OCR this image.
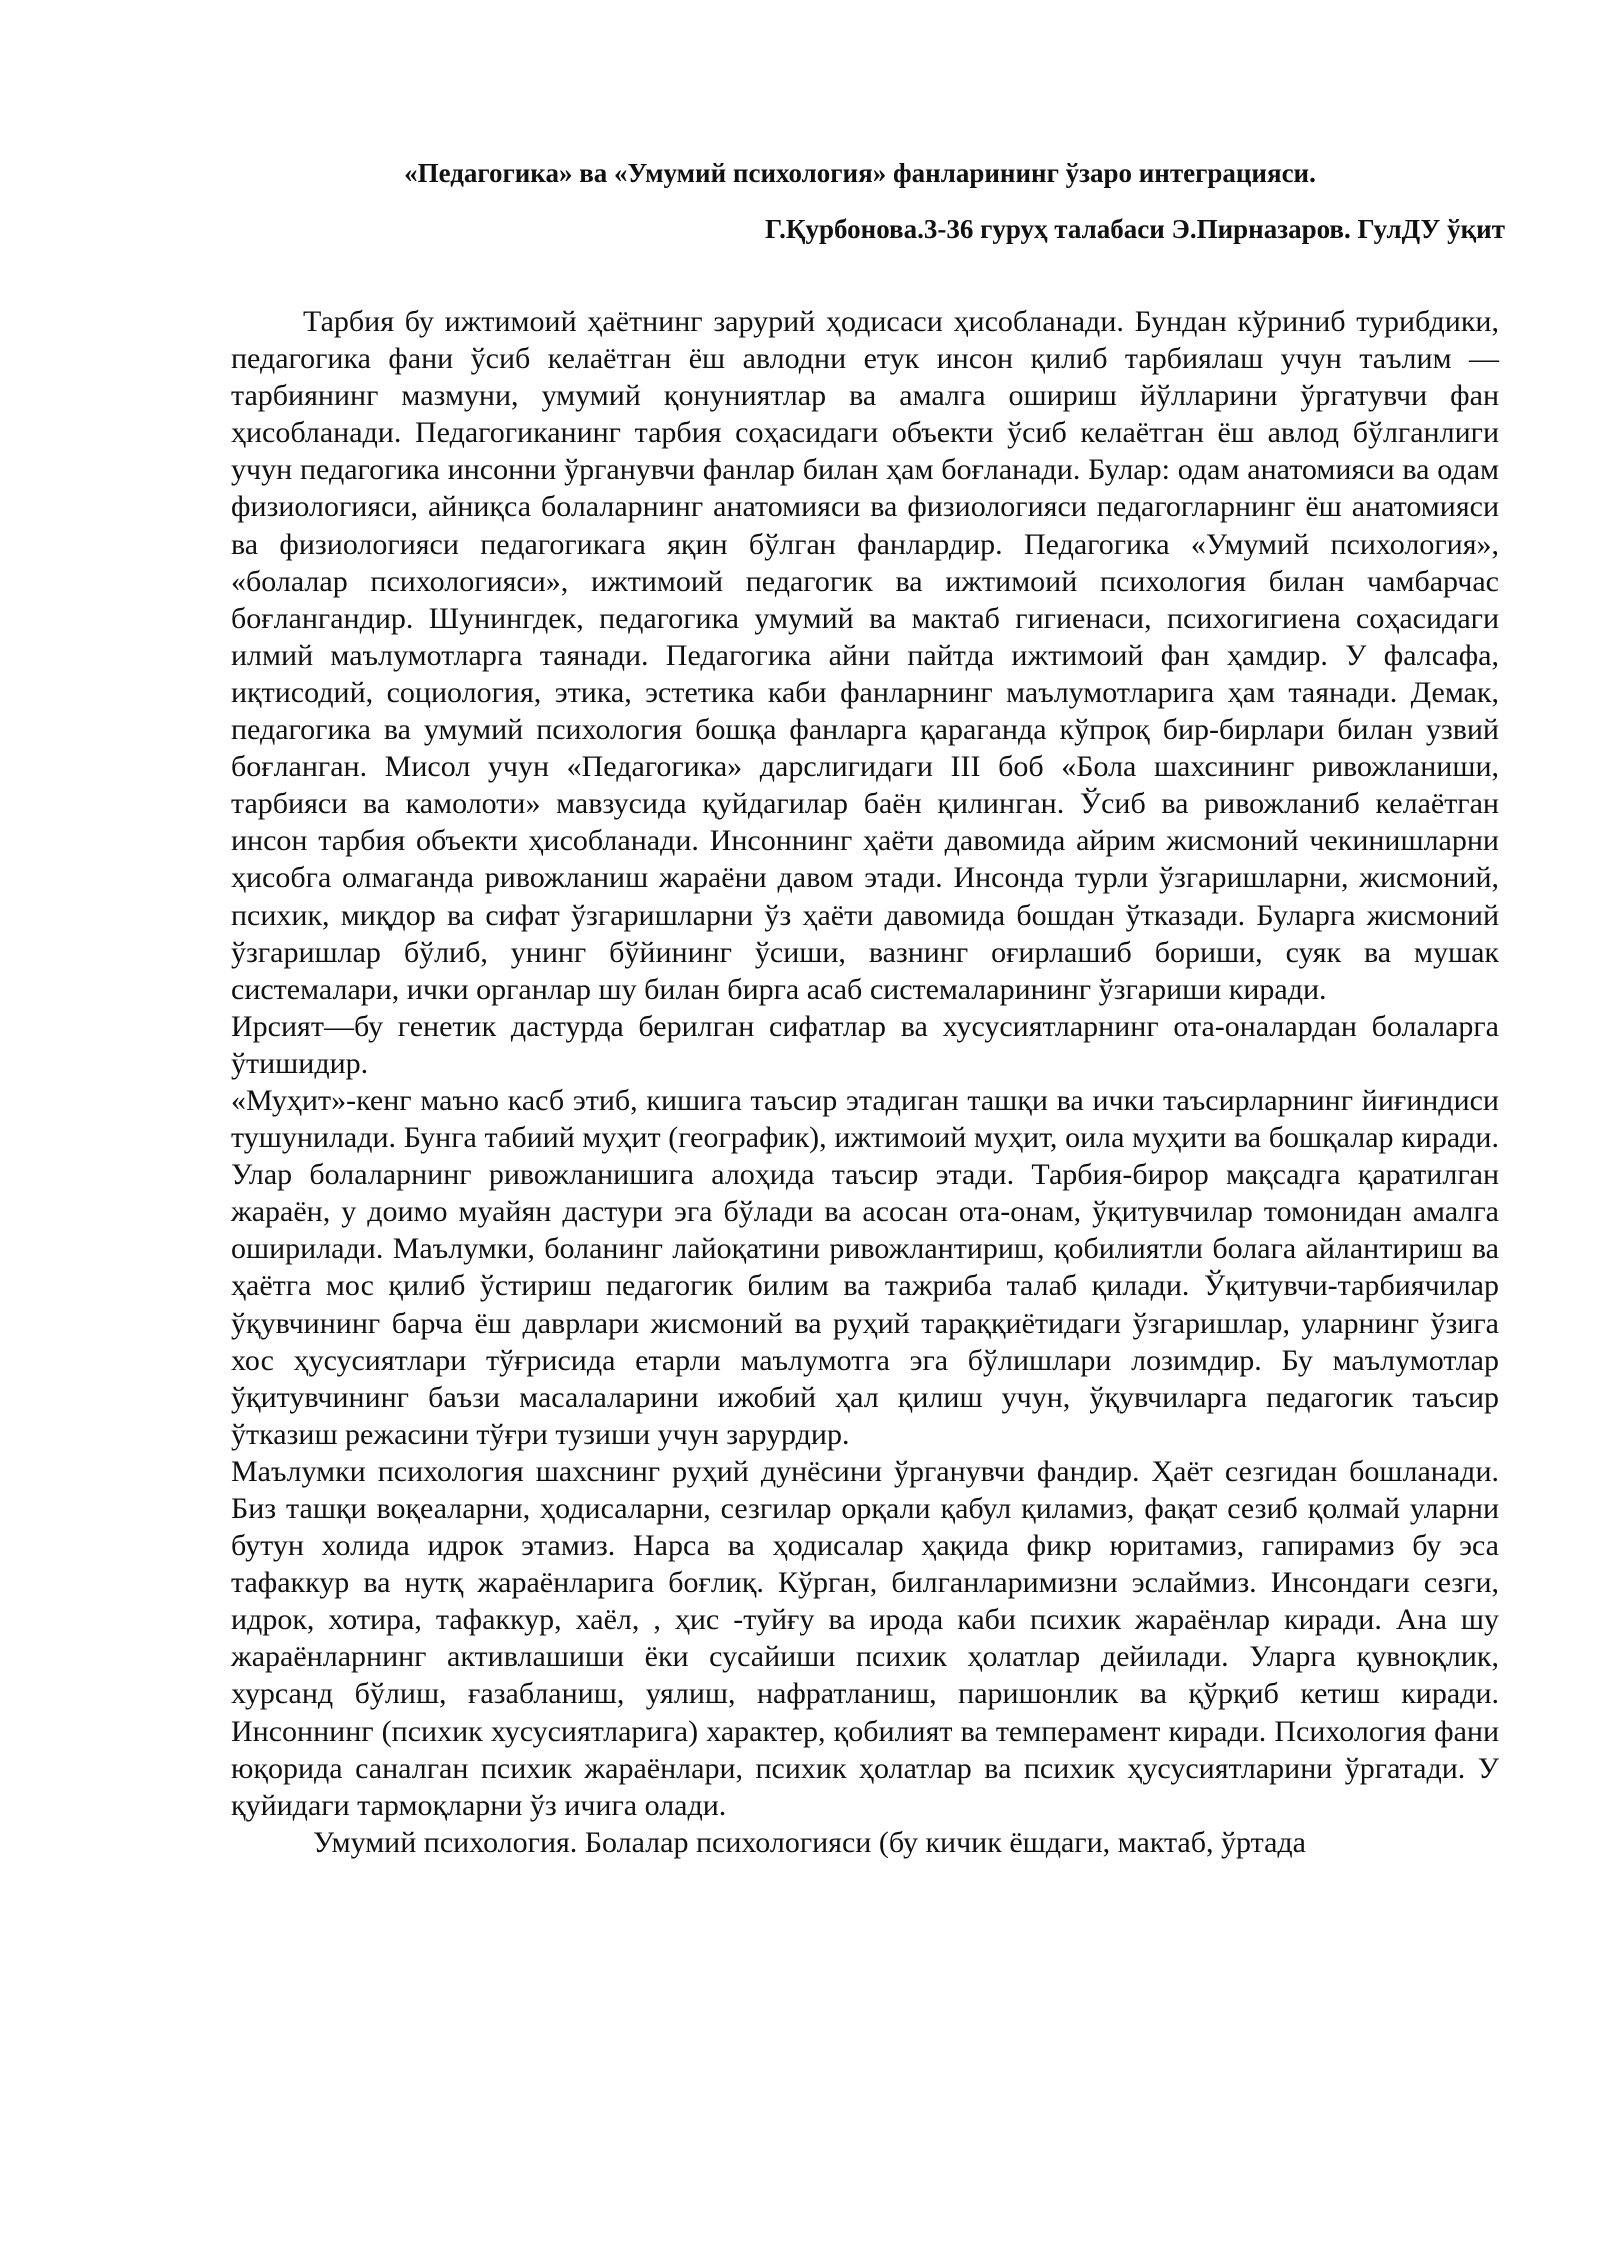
«Педагогика» ва «Умумий психология» фанларининг ўзаро интеграцияси.
Г.Қурбонова.3-36 гуруҳ талабаси Э.Пирназаров. ГулДУ ўқит

Тарбия бу ижтимоий ҳаётнинг зарурий ҳодисаси ҳисобланади. Бундан кўриниб турибдики, педагогика фани ўсиб келаётган ёш авлодни етук инсон қилиб тарбиялаш учун таълим — тарбиянинг мазмуни, умумий қонуниятлар ва амалга ошириш йўлларини ўргатувчи фан ҳисобланади. Педагогиканинг тарбия соҳасидаги объекти ўсиб келаётган ёш авлод бўлганлиги учун педагогика инсонни ўрганувчи фанлар билан ҳам боғланади. Булар: одам анатомияси ва одам физиологияси, айниқса болаларнинг анатомияси ва физиологияси педагогларнинг ёш анатомияси ва физиологияси педагогикага яқин бўлган фанлардир. Педагогика «Умумий психология», «болалар психологияси», ижтимоий педагогик ва ижтимоий психология билан чамбарчас боғлангандир. Шунингдек, педагогика умумий ва мактаб гигиенаси, психогигиена соҳасидаги илмий маълумотларга таянади. Педагогика айни пайтда ижтимоий фан ҳамдир. У фалсафа, иқтисодий, социология, этика, эстетика каби фанларнинг маълумотларига ҳам таянади. Демак, педагогика ва умумий психология бошқа фанларга қараганда кўпроқ бир-бирлари билан узвий боғланган. Мисол учун «Педагогика» дарслигидаги III боб «Бола шахсининг ривожланиши, тарбияси ва камолоти» мавзусида қуйдагилар баён қилинган. Ўсиб ва ривожланиб келаётган инсон тарбия объекти ҳисобланади. Инсоннинг ҳаёти давомида айрим жисмоний чекинишларни ҳисобга олмаганда ривожланиш жараёни давом этади. Инсонда турли ўзгаришларни, жисмоний, психик, миқдор ва сифат ўзгаришларни ўз ҳаёти давомида бошдан ўтказади. Буларга жисмоний ўзгаришлар бўлиб, унинг бўйининг ўсиши, вазнинг оғирлашиб бориши, суяк ва мушак системалари, ички органлар шу билан бирга асаб системаларининг ўзгариши киради.

Ирсият—бу генетик дастурда берилган сифатлар ва хусусиятларнинг ота-оналардан болаларга ўтишидир.

«Муҳит»-кенг маъно касб этиб, кишига таъсир этадиган ташқи ва ички таъсирларнинг йиғиндиси тушунилади. Бунга табиий муҳит (географик), ижтимоий муҳит, оила муҳити ва бошқалар киради. Улар болаларнинг ривожланишига алоҳида таъсир этади. Тарбия-бирор мақсадга қаратилган жараён, у доимо муайян дастури эга бўлади ва асосан ота-онам, ўқитувчилар томонидан амалга оширилади. Маълумки, боланинг лайоқатини ривожлантириш, қобилиятли болага айлантириш ва ҳаётга мос қилиб ўстириш педагогик билим ва тажриба талаб қилади. Ўқитувчи-тарбиячилар ўқувчининг барча ёш даврлари жисмоний ва руҳий тараққиётидаги ўзгаришлар, уларнинг ўзига хос ҳусусиятлари тўғрисида етарли маълумотга эга бўлишлари лозимдир. Бу маълумотлар ўқитувчининг баъзи масалаларини ижобий ҳал қилиш учун, ўқувчиларга педагогик таъсир ўтказиш режасини тўғри тузиши учун зарурдир.

Маълумки психология шахснинг руҳий дунёсини ўрганувчи фандир. Ҳаёт сезгидан бошланади. Биз ташқи воқеаларни, ҳодисаларни, сезгилар орқали қабул қиламиз, фақат сезиб қолмай уларни бутун холида идрок этамиз. Нарса ва ҳодисалар ҳақида фикр юритамиз, гапирамиз бу эса тафаккур ва нутқ жараёнларига боғлиқ. Кўрган, билганларимизни эслаймиз. Инсондаги сезги, идрок, хотира, тафаккур, хаёл, , ҳис -туйғу ва ирода каби психик жараёнлар киради. Ана шу жараёнларнинг активлашиши ёки сусайиши психик ҳолатлар дейилади. Уларга қувноқлик, хурсанд бўлиш, ғазабланиш, уялиш, нафратланиш, паришонлик ва қўрқиб кетиш киради. Инсоннинг (психик хусусиятларига) характер, қобилият ва темперамент киради. Психология фани юқорида саналган психик жараёнлари, психик ҳолатлар ва психик ҳусусиятларини ўргатади. У қуйидаги тармоқларни ўз ичига олади.

Умумий психология. Болалар психологияси (бу кичик ёшдаги, мактаб, ўртада
